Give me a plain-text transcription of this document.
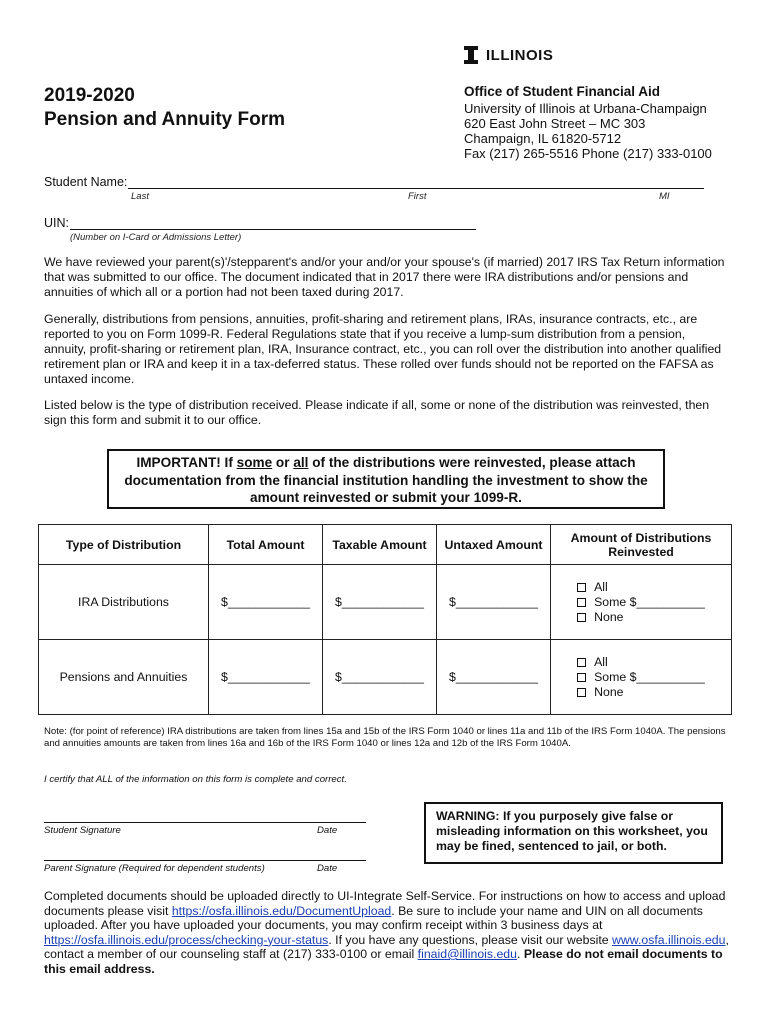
ILLINOIS
2019-2020
Pension and Annuity Form
Office of Student Financial Aid
University of Illinois at Urbana-Champaign
620 East John Street – MC 303
Champaign, IL 61820-5712
Fax (217) 265-5516 Phone (217) 333-0100
Student Name:
Last	First	MI
UIN:
(Number on I-Card or Admissions Letter)
We have reviewed your parent(s)'/stepparent's and/or your and/or your spouse's (if married) 2017 IRS Tax Return information that was submitted to our office. The document indicated that in 2017 there were IRA distributions and/or pensions and annuities of which all or a portion had not been taxed during 2017.
Generally, distributions from pensions, annuities, profit-sharing and retirement plans, IRAs, insurance contracts, etc., are reported to you on Form 1099-R. Federal Regulations state that if you receive a lump-sum distribution from a pension, annuity, profit-sharing or retirement plan, IRA, Insurance contract, etc., you can roll over the distribution into another qualified retirement plan or IRA and keep it in a tax-deferred status. These rolled over funds should not be reported on the FAFSA as untaxed income.
Listed below is the type of distribution received. Please indicate if all, some or none of the distribution was reinvested, then sign this form and submit it to our office.
IMPORTANT! If some or all of the distributions were reinvested, please attach documentation from the financial institution handling the investment to show the amount reinvested or submit your 1099-R.
Type of Distribution	Total Amount	Taxable Amount	Untaxed Amount	Amount of Distributions Reinvested
IRA Distributions	$____________	$____________	$____________	All
Some $__________
None

Pensions and Annuities	$____________	$____________	$____________	All
Some $__________
None
Note: (for point of reference) IRA distributions are taken from lines 15a and 15b of the IRS Form 1040 or lines 11a and 11b of the IRS Form 1040A. The pensions and annuities amounts are taken from lines 16a and 16b of the IRS Form 1040 or lines 12a and 12b of the IRS Form 1040A.
I certify that ALL of the information on this form is complete and correct.
Student Signature	Date
Parent Signature (Required for dependent students)	Date
WARNING: If you purposely give false or misleading information on this worksheet, you may be fined, sentenced to jail, or both.
Completed documents should be uploaded directly to UI-Integrate Self-Service. For instructions on how to access and upload documents please visit https://osfa.illinois.edu/DocumentUpload. Be sure to include your name and UIN on all documents uploaded. After you have uploaded your documents, you may confirm receipt within 3 business days at https://osfa.illinois.edu/process/checking-your-status. If you have any questions, please visit our website www.osfa.illinois.edu, contact a member of our counseling staff at (217) 333-0100 or email finaid@illinois.edu. Please do not email documents to this email address.
